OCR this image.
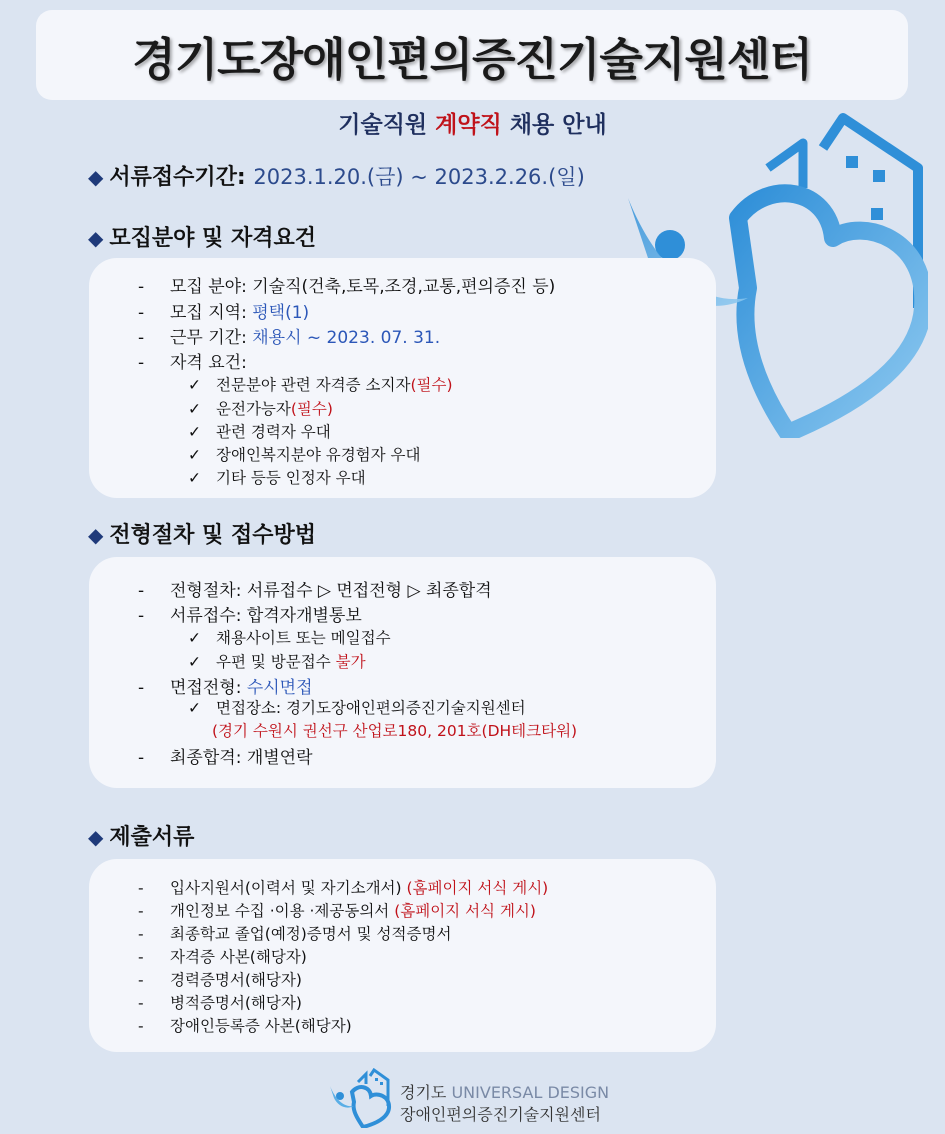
경기도장애인편의증진기술지원센터
기술직원 계약직 채용 안내
◆ 서류접수기간: 2023.1.20.(금) ~ 2023.2.26.(일)
◆ 모집분야 및 자격요건
- 모집 분야: 기술직(건축,토목,조경,교통,편의증진 등)
- 모집 지역: 평택(1)
- 근무 기간: 채용시 ~ 2023. 07. 31.
- 자격 요건:
✓ 전문분야 관련 자격증 소지자(필수)
✓ 운전가능자(필수)
✓ 관련 경력자 우대
✓ 장애인복지분야 유경험자 우대
✓ 기타 등등 인정자 우대
◆ 전형절차 및 접수방법
- 전형절차: 서류접수 ▷ 면접전형 ▷ 최종합격
- 서류접수: 합격자개별통보
✓ 채용사이트 또는 메일접수
✓ 우편 및 방문접수 불가
- 면접전형: 수시면접
✓ 면접장소: 경기도장애인편의증진기술지원센터
(경기 수원시 권선구 산업로180, 201호(DH테크타워)
- 최종합격: 개별연락
◆ 제출서류
- 입사지원서(이력서 및 자기소개서) (홈페이지 서식 게시)
- 개인정보 수집 ·이용 ·제공동의서 (홈페이지 서식 게시)
- 최종학교 졸업(예정)증명서 및 성적증명서
- 자격증 사본(해당자)
- 경력증명서(해당자)
- 병적증명서(해당자)
- 장애인등록증 사본(해당자)
경기도 UNIVERSAL DESIGN
장애인편의증진기술지원센터
